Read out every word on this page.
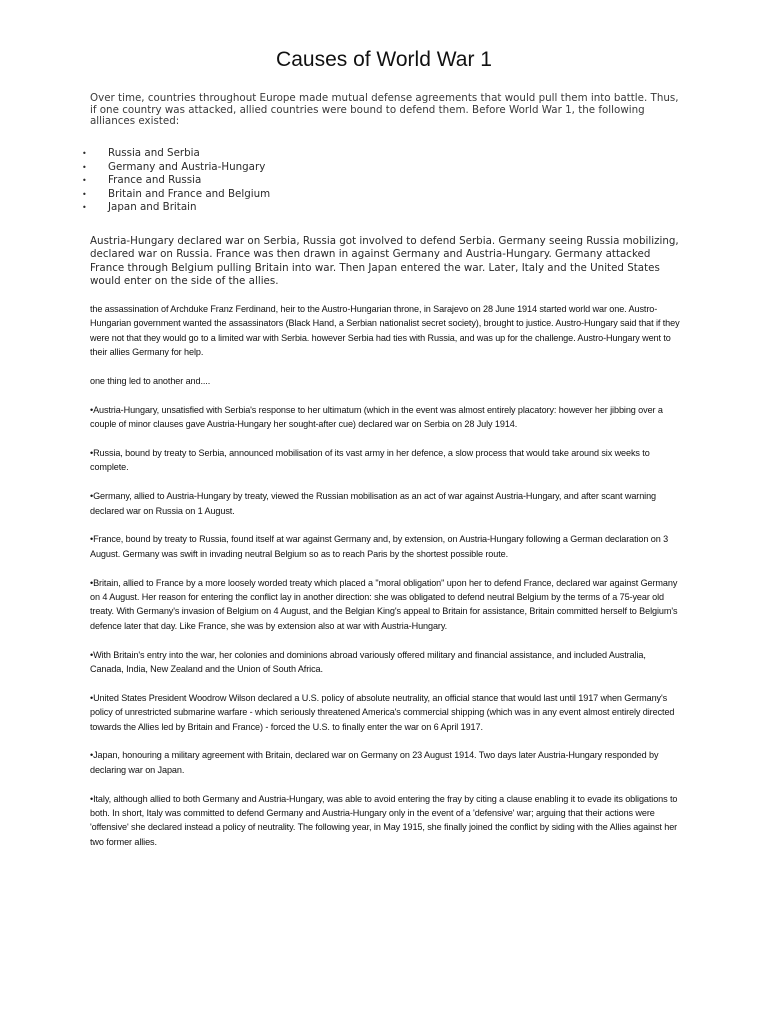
Causes of World War 1

Over time, countries throughout Europe made mutual defense agreements that would pull them into battle. Thus, if one country was attacked, allied countries were bound to defend them. Before World War 1, the following alliances existed:

• Russia and Serbia
• Germany and Austria-Hungary
• France and Russia
• Britain and France and Belgium
• Japan and Britain

Austria-Hungary declared war on Serbia, Russia got involved to defend Serbia. Germany seeing Russia mobilizing, declared war on Russia. France was then drawn in against Germany and Austria-Hungary. Germany attacked France through Belgium pulling Britain into war. Then Japan entered the war. Later, Italy and the United States would enter on the side of the allies.

the assassination of Archduke Franz Ferdinand, heir to the Austro-Hungarian throne, in Sarajevo on 28 June 1914 started world war one. Austro-Hungarian government wanted the assassinators (Black Hand, a Serbian nationalist secret society), brought to justice. Austro-Hungary said that if they were not that they would go to a limited war with Serbia. however Serbia had ties with Russia, and was up for the challenge. Austro-Hungary went to their allies Germany for help.

one thing led to another and....

•Austria-Hungary, unsatisfied with Serbia's response to her ultimatum (which in the event was almost entirely placatory: however her jibbing over a couple of minor clauses gave Austria-Hungary her sought-after cue) declared war on Serbia on 28 July 1914.

•Russia, bound by treaty to Serbia, announced mobilisation of its vast army in her defence, a slow process that would take around six weeks to complete.

•Germany, allied to Austria-Hungary by treaty, viewed the Russian mobilisation as an act of war against Austria-Hungary, and after scant warning declared war on Russia on 1 August.

•France, bound by treaty to Russia, found itself at war against Germany and, by extension, on Austria-Hungary following a German declaration on 3 August. Germany was swift in invading neutral Belgium so as to reach Paris by the shortest possible route.

•Britain, allied to France by a more loosely worded treaty which placed a "moral obligation" upon her to defend France, declared war against Germany on 4 August. Her reason for entering the conflict lay in another direction: she was obligated to defend neutral Belgium by the terms of a 75-year old treaty. With Germany's invasion of Belgium on 4 August, and the Belgian King's appeal to Britain for assistance, Britain committed herself to Belgium's defence later that day. Like France, she was by extension also at war with Austria-Hungary.

•With Britain's entry into the war, her colonies and dominions abroad variously offered military and financial assistance, and included Australia, Canada, India, New Zealand and the Union of South Africa.

•United States President Woodrow Wilson declared a U.S. policy of absolute neutrality, an official stance that would last until 1917 when Germany's policy of unrestricted submarine warfare - which seriously threatened America's commercial shipping (which was in any event almost entirely directed towards the Allies led by Britain and France) - forced the U.S. to finally enter the war on 6 April 1917.

•Japan, honouring a military agreement with Britain, declared war on Germany on 23 August 1914. Two days later Austria-Hungary responded by declaring war on Japan.

•Italy, although allied to both Germany and Austria-Hungary, was able to avoid entering the fray by citing a clause enabling it to evade its obligations to both. In short, Italy was committed to defend Germany and Austria-Hungary only in the event of a 'defensive' war; arguing that their actions were 'offensive' she declared instead a policy of neutrality. The following year, in May 1915, she finally joined the conflict by siding with the Allies against her two former allies.
